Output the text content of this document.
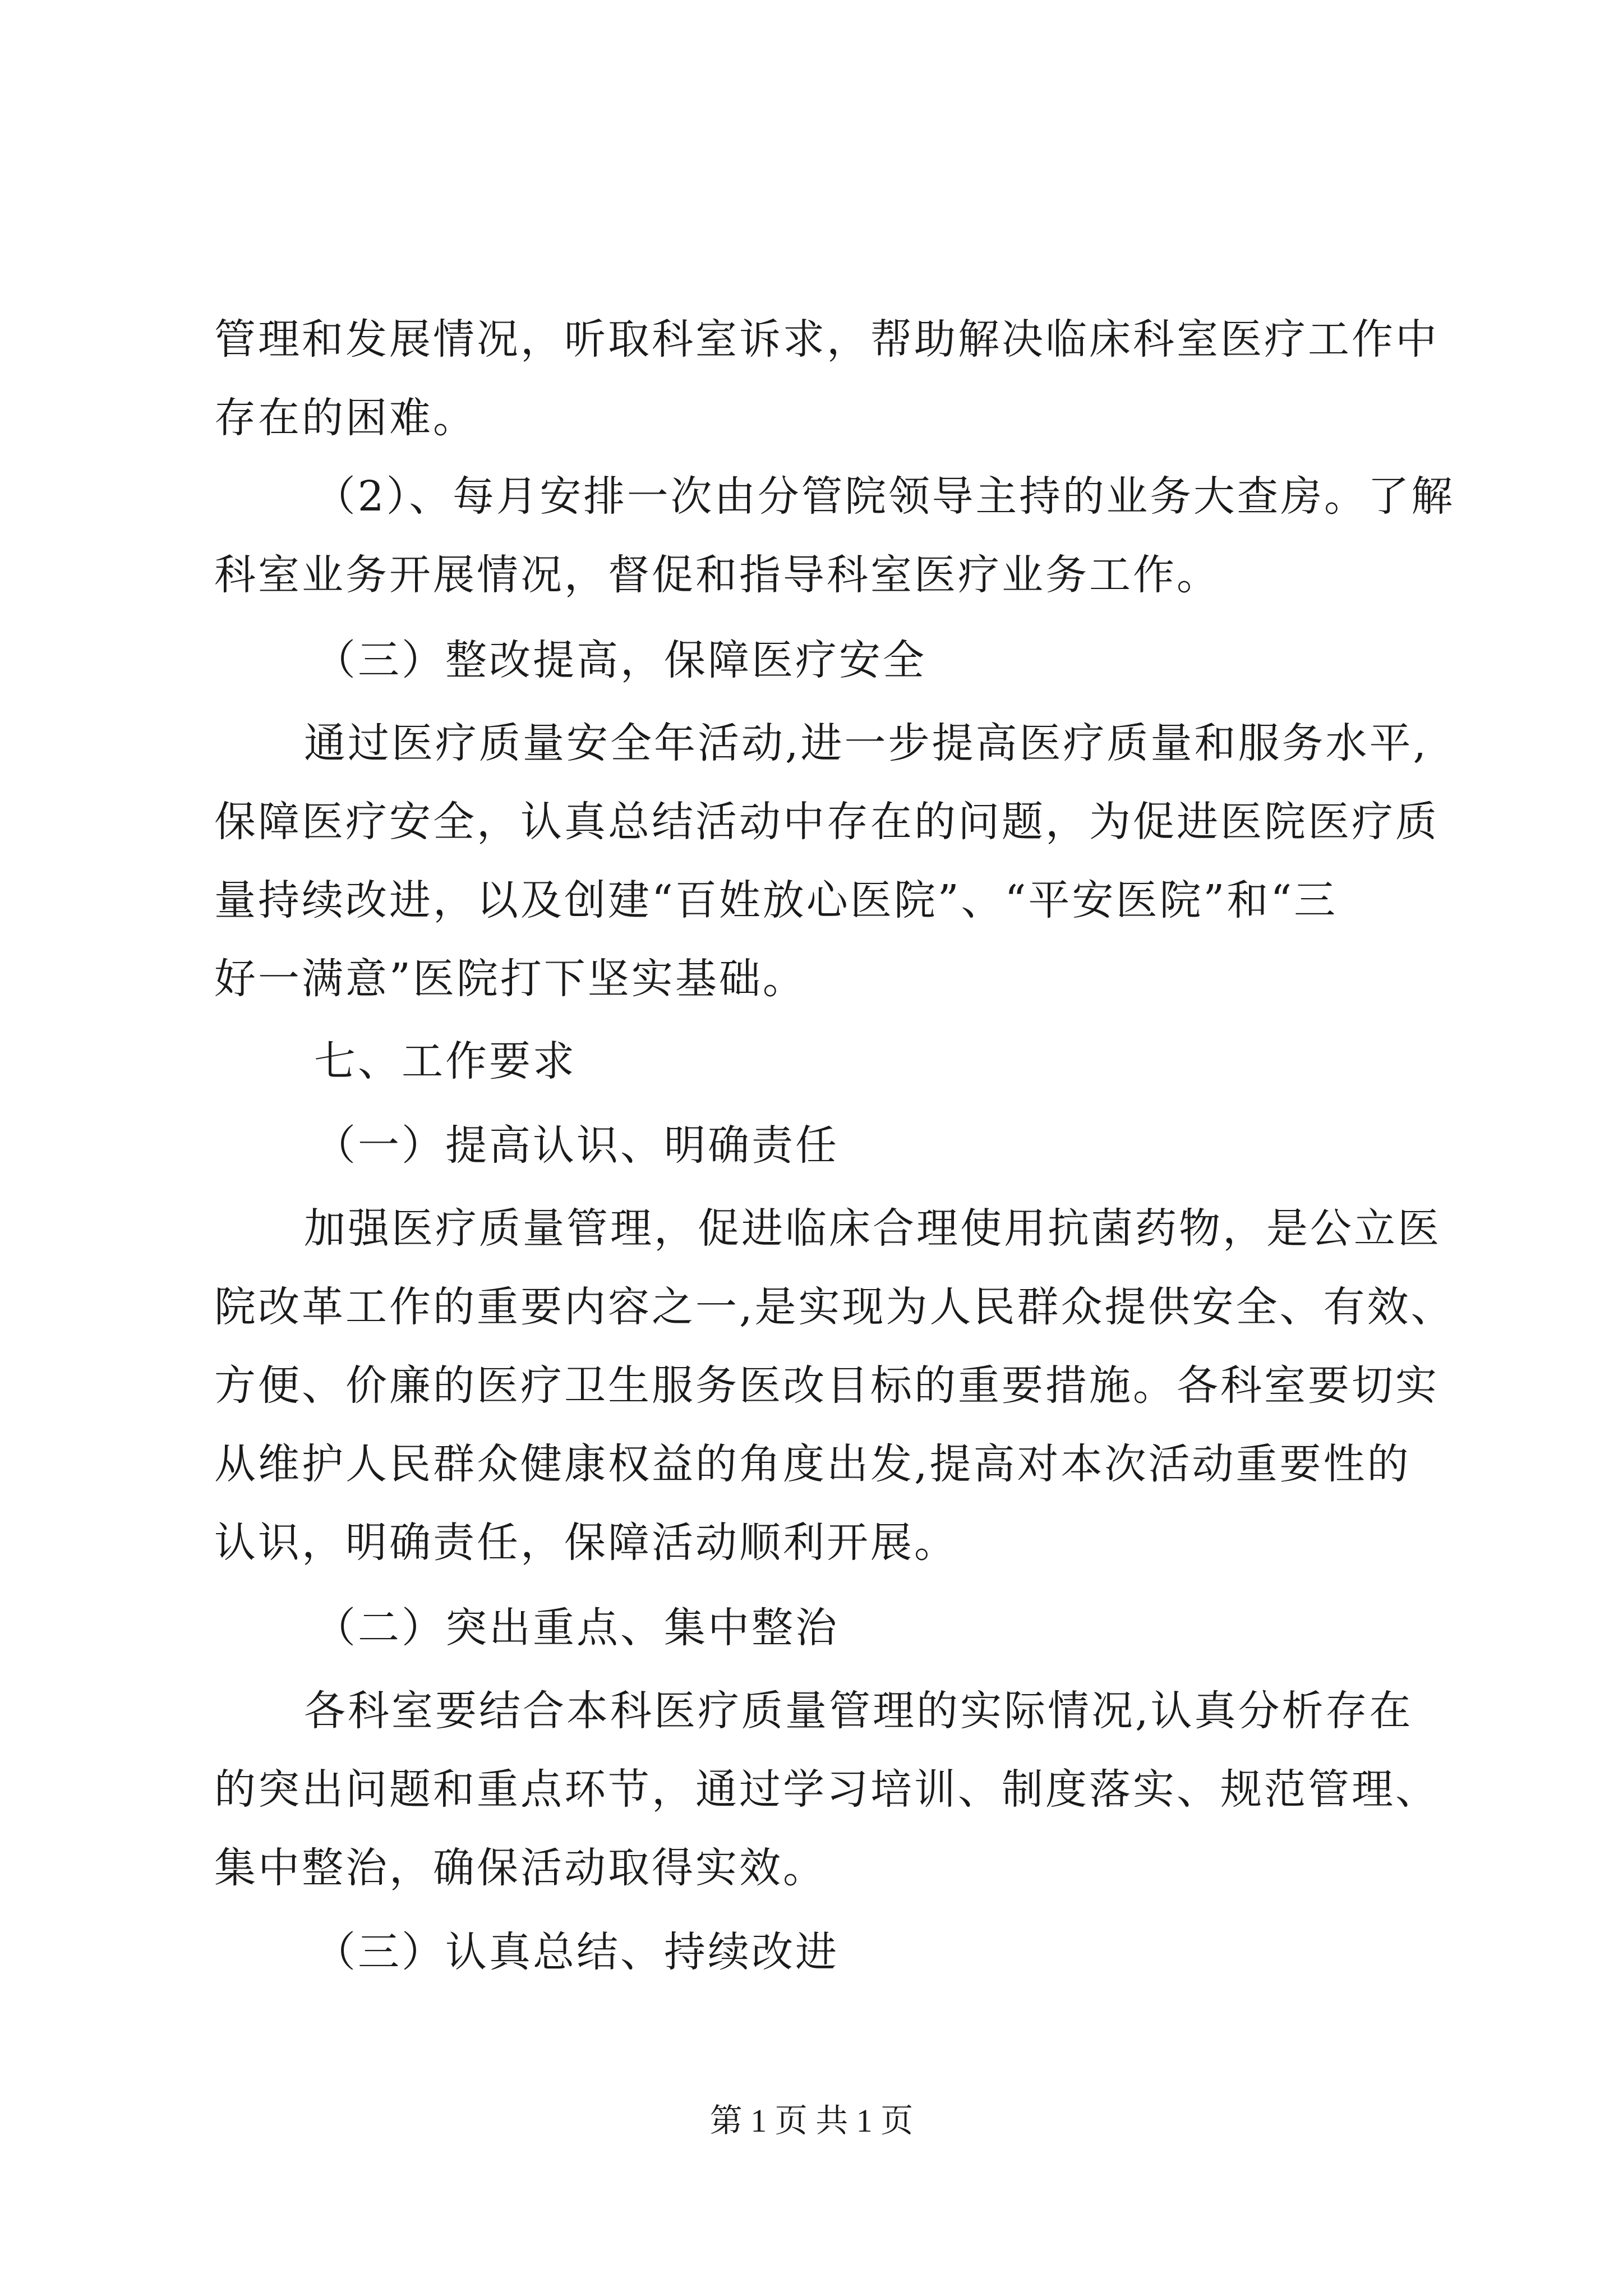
管理和发展情况，听取科室诉求，帮助解决临床科室医疗工作中
存在的困难。
（2）、每月安排一次由分管院领导主持的业务大查房。了解
科室业务开展情况，督促和指导科室医疗业务工作。
（三）整改提高，保障医疗安全
通过医疗质量安全年活动,进一步提高医疗质量和服务水平,
保障医疗安全，认真总结活动中存在的问题，为促进医院医疗质
量持续改进，以及创建“百姓放心医院”、“平安医院”和“三
好一满意”医院打下坚实基础。
七、工作要求
（一）提高认识、明确责任
加强医疗质量管理，促进临床合理使用抗菌药物，是公立医
院改革工作的重要内容之一,是实现为人民群众提供安全、有效、
方便、价廉的医疗卫生服务医改目标的重要措施。各科室要切实
从维护人民群众健康权益的角度出发,提高对本次活动重要性的
认识，明确责任，保障活动顺利开展。
（二）突出重点、集中整治
各科室要结合本科医疗质量管理的实际情况,认真分析存在
的突出问题和重点环节，通过学习培训、制度落实、规范管理、
集中整治，确保活动取得实效。
（三）认真总结、持续改进
第 1 页 共 1 页
